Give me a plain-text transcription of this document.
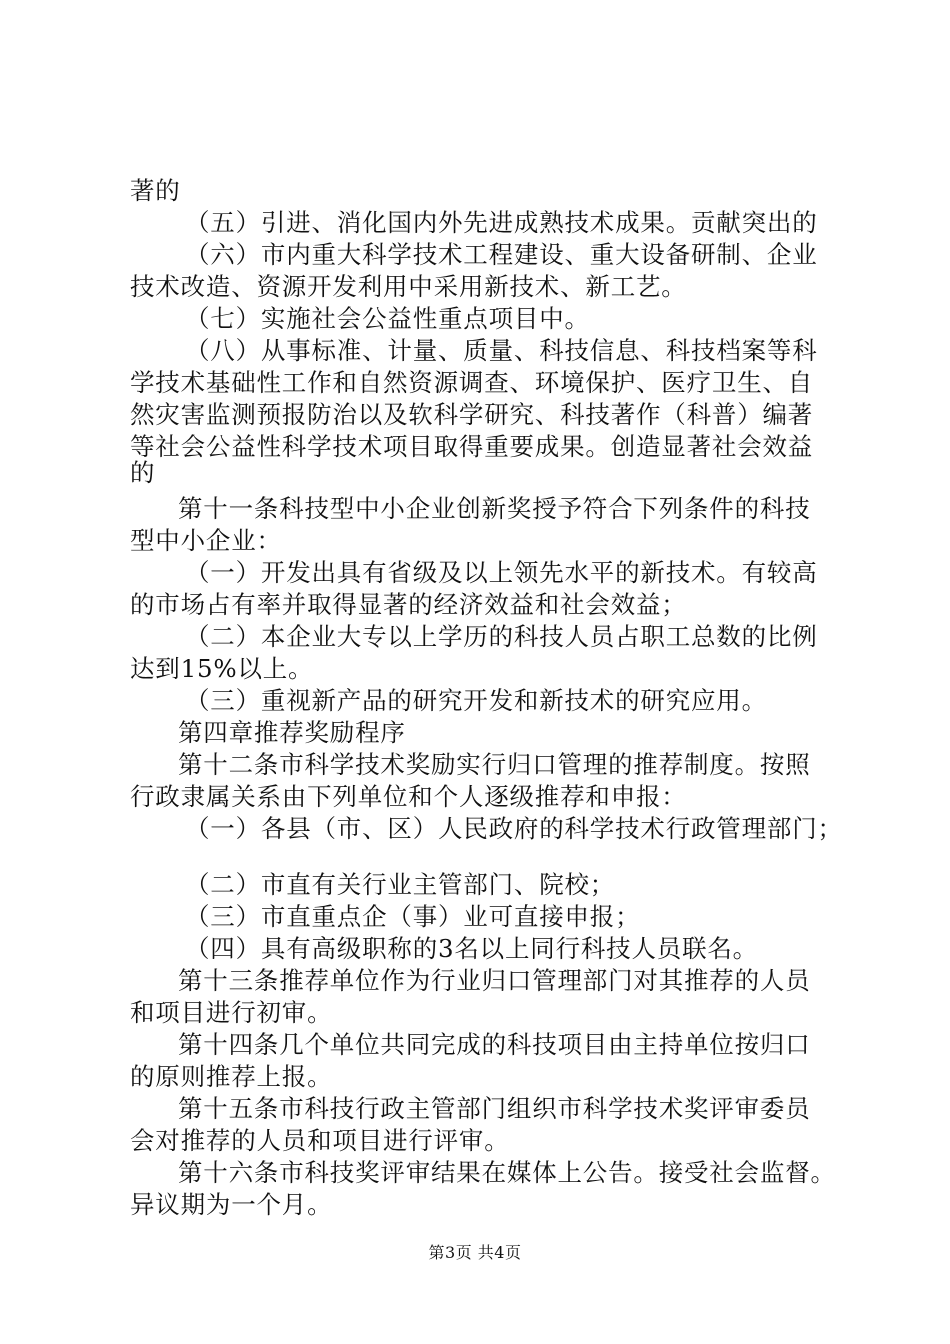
著的
（五）引进、消化国内外先进成熟技术成果。贡献突出的
（六）市内重大科学技术工程建设、重大设备研制、企业
技术改造、资源开发利用中采用新技术、新工艺。
（七）实施社会公益性重点项目中。
（八）从事标准、计量、质量、科技信息、科技档案等科
学技术基础性工作和自然资源调查、环境保护、医疗卫生、自
然灾害监测预报防治以及软科学研究、科技著作（科普）编著
等社会公益性科学技术项目取得重要成果。创造显著社会效益
的
第十一条科技型中小企业创新奖授予符合下列条件的科技
型中小企业：
（一）开发出具有省级及以上领先水平的新技术。有较高
的市场占有率并取得显著的经济效益和社会效益；
（二）本企业大专以上学历的科技人员占职工总数的比例
达到15%以上。
（三）重视新产品的研究开发和新技术的研究应用。
第四章推荐奖励程序
第十二条市科学技术奖励实行归口管理的推荐制度。按照
行政隶属关系由下列单位和个人逐级推荐和申报：
（一）各县（市、区）人民政府的科学技术行政管理部门；
（二）市直有关行业主管部门、院校；
（三）市直重点企（事）业可直接申报；
（四）具有高级职称的3名以上同行科技人员联名。
第十三条推荐单位作为行业归口管理部门对其推荐的人员
和项目进行初审。
第十四条几个单位共同完成的科技项目由主持单位按归口
的原则推荐上报。
第十五条市科技行政主管部门组织市科学技术奖评审委员
会对推荐的人员和项目进行评审。
第十六条市科技奖评审结果在媒体上公告。接受社会监督。
异议期为一个月。
第3页 共4页
